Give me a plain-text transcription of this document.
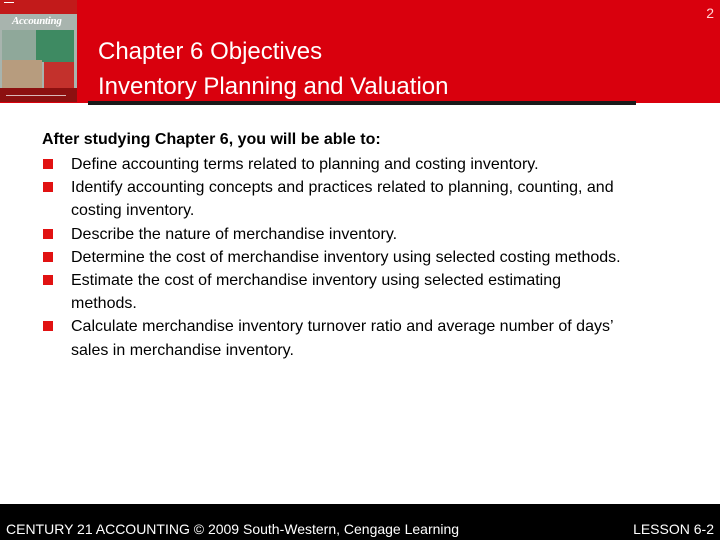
Accounting	2
Chapter 6 Objectives
Inventory Planning and Valuation
After studying Chapter 6, you will be able to:
Define accounting terms related to planning and costing inventory.
Identify accounting concepts and practices related to planning, counting, and costing inventory.
Describe the nature of merchandise inventory.
Determine the cost of merchandise inventory using selected costing methods.
Estimate the cost of merchandise inventory using selected estimating methods.
Calculate merchandise inventory turnover ratio and average number of days’ sales in merchandise inventory.
CENTURY 21 ACCOUNTING © 2009 South-Western, Cengage Learning	LESSON 6-2
